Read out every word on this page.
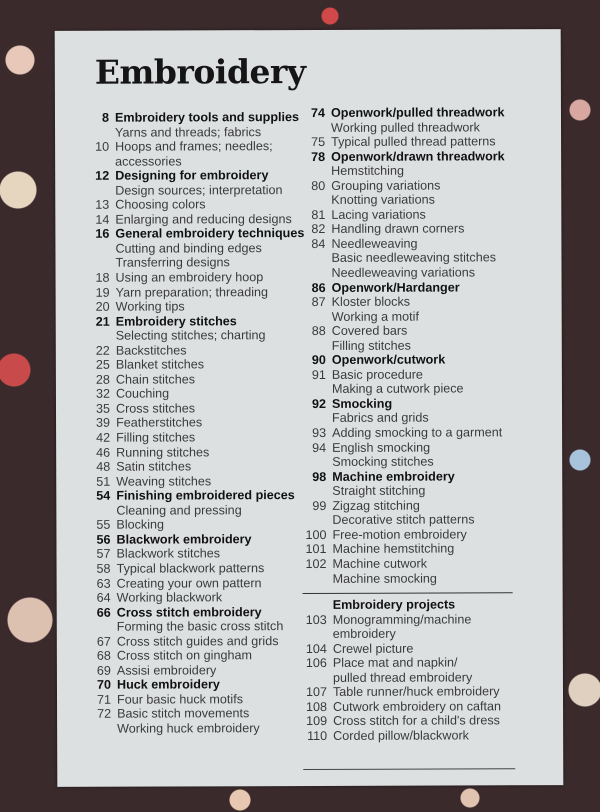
Embroidery
8 Embroidery tools and supplies
Yarns and threads; fabrics
10 Hoops and frames; needles;
accessories
12 Designing for embroidery
Design sources; interpretation
13 Choosing colors
14 Enlarging and reducing designs
16 General embroidery techniques
Cutting and binding edges
Transferring designs
18 Using an embroidery hoop
19 Yarn preparation; threading
20 Working tips
21 Embroidery stitches
Selecting stitches; charting
22 Backstitches
25 Blanket stitches
28 Chain stitches
32 Couching
35 Cross stitches
39 Featherstitches
42 Filling stitches
46 Running stitches
48 Satin stitches
51 Weaving stitches
54 Finishing embroidered pieces
Cleaning and pressing
55 Blocking
56 Blackwork embroidery
57 Blackwork stitches
58 Typical blackwork patterns
63 Creating your own pattern
64 Working blackwork
66 Cross stitch embroidery
Forming the basic cross stitch
67 Cross stitch guides and grids
68 Cross stitch on gingham
69 Assisi embroidery
70 Huck embroidery
71 Four basic huck motifs
72 Basic stitch movements
Working huck embroidery
74 Openwork/pulled threadwork
Working pulled threadwork
75 Typical pulled thread patterns
78 Openwork/drawn threadwork
Hemstitching
80 Grouping variations
Knotting variations
81 Lacing variations
82 Handling drawn corners
84 Needleweaving
Basic needleweaving stitches
Needleweaving variations
86 Openwork/Hardanger
87 Kloster blocks
Working a motif
88 Covered bars
Filling stitches
90 Openwork/cutwork
91 Basic procedure
Making a cutwork piece
92 Smocking
Fabrics and grids
93 Adding smocking to a garment
94 English smocking
Smocking stitches
98 Machine embroidery
Straight stitching
99 Zigzag stitching
Decorative stitch patterns
100 Free-motion embroidery
101 Machine hemstitching
102 Machine cutwork
Machine smocking
Embroidery projects
103 Monogramming/machine
embroidery
104 Crewel picture
106 Place mat and napkin/
pulled thread embroidery
107 Table runner/huck embroidery
108 Cutwork embroidery on caftan
109 Cross stitch for a child's dress
110 Corded pillow/blackwork
